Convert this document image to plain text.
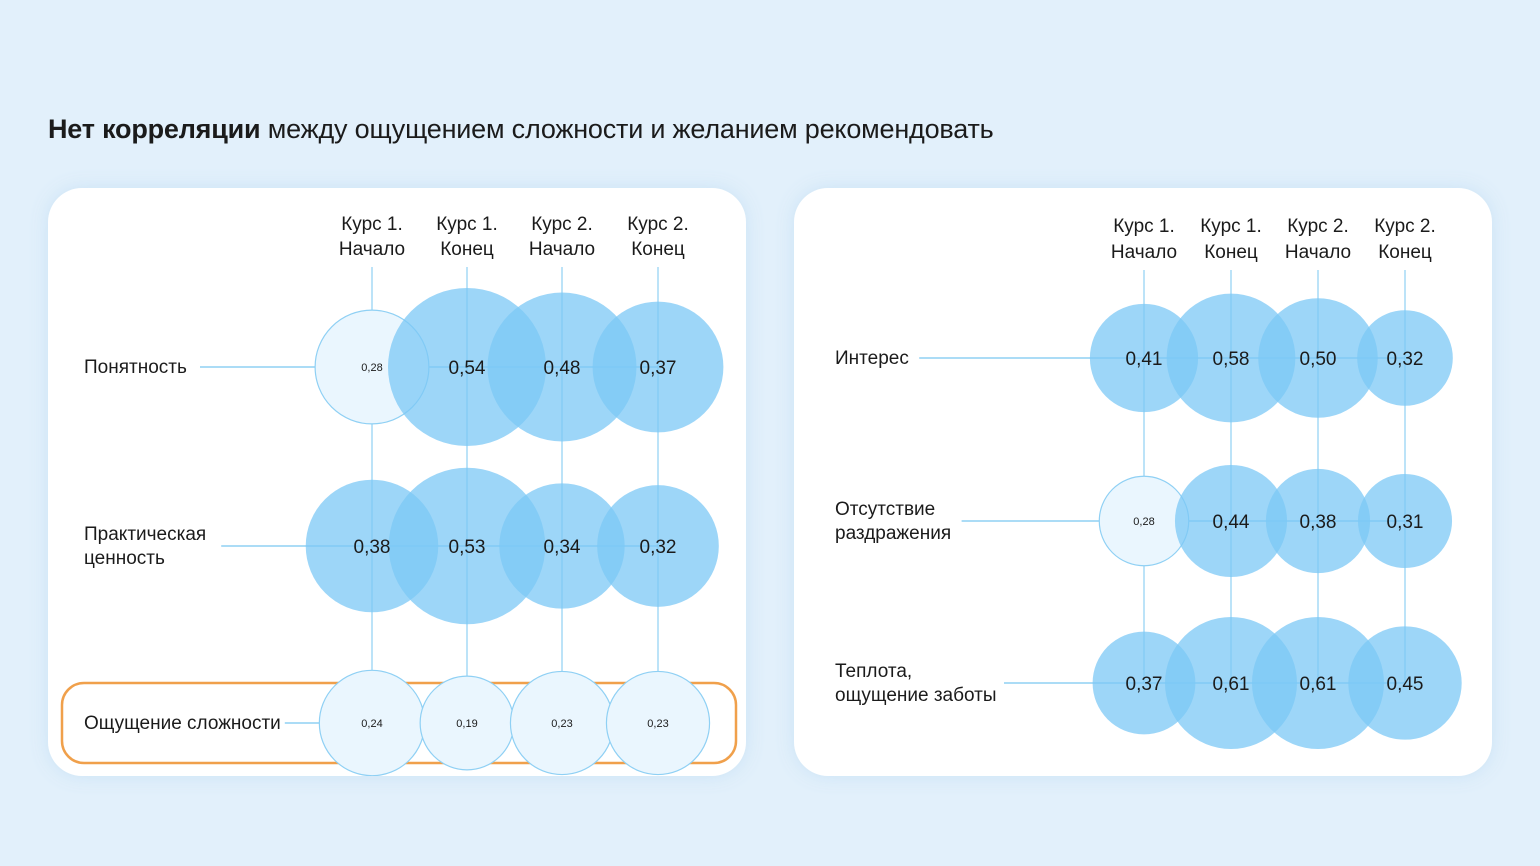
Нет корреляции между ощущением сложности и желанием рекомендовать
Курс 1.
Начало
Курс 1.
Конец
Курс 2.
Начало
Курс 2.
Конец
Понятность	0,28	0,54	0,48	0,37
Практическая
ценность
0,38	0,53	0,34	0,32
Ощущение сложности	0,24	0,19	0,23	0,23
Курс 1.
Начало
Курс 1.
Конец
Курс 2.
Начало
Курс 2.
Конец
Интерес	0,41	0,58	0,50	0,32
Отсутствие
раздражения
0,28	0,44	0,38	0,31
Теплота,
ощущение заботы
0,37	0,61	0,61	0,45
